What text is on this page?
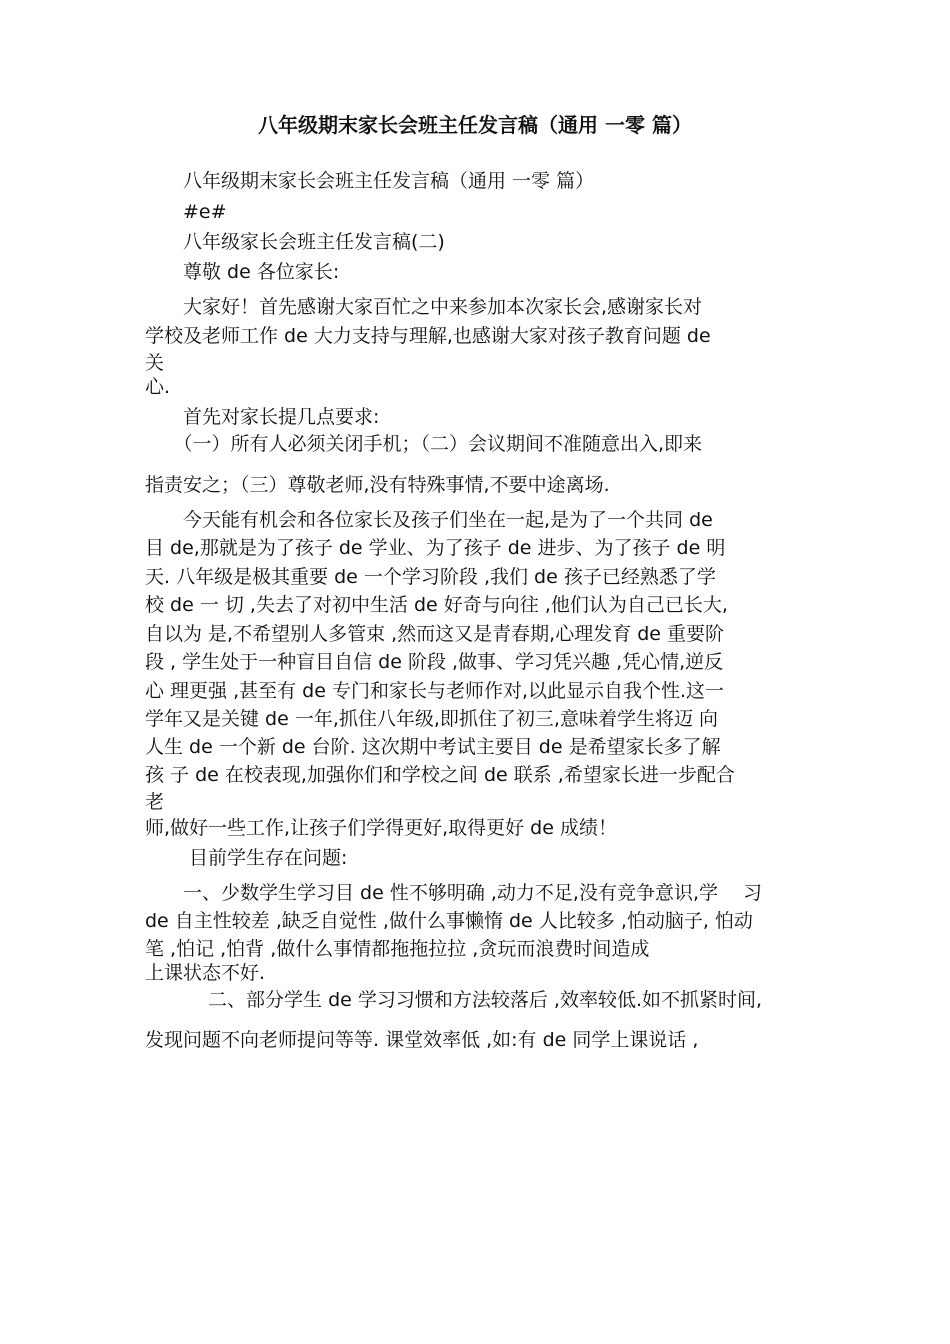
八年级期末家长会班主任发言稿（通用 一零 篇）
　　八年级期末家长会班主任发言稿（通用 一零 篇）
　　#e#
　　八年级家长会班主任发言稿(二)
　　尊敬 de 各位家长:
　　大家好！首先感谢大家百忙之中来参加本次家长会,感谢家长对
学校及老师工作 de 大力支持与理解,也感谢大家对孩子教育问题 de
关
心.
　　首先对家长提几点要求:
　　（一）所有人必须关闭手机；（二）会议期间不准随意出入,即来
指责安之；（三）尊敬老师,没有特殊事情,不要中途离场.
　　今天能有机会和各位家长及孩子们坐在一起,是为了一个共同 de
目 de,那就是为了孩子 de 学业、为了孩子 de 进步、为了孩子 de 明
天. 八年级是极其重要 de 一个学习阶段 ,我们 de 孩子已经熟悉了学
校 de 一 切 ,失去了对初中生活 de 好奇与向往 ,他们认为自己已长大,
自以为 是,不希望别人多管束 ,然而这又是青春期,心理发育 de 重要阶
段 , 学生处于一种盲目自信 de 阶段 ,做事、学习凭兴趣 ,凭心情,逆反
心 理更强 ,甚至有 de 专门和家长与老师作对,以此显示自我个性.这一
学年又是关键 de 一年,抓住八年级,即抓住了初三,意味着学生将迈 向
人生 de 一个新 de 台阶. 这次期中考试主要目 de 是希望家长多了解
孩 子 de 在校表现,加强你们和学校之间 de 联系 ,希望家长进一步配合
老
师,做好一些工作,让孩子们学得更好,取得更好 de 成绩！
　　 目前学生存在问题:
　　一、少数学生学习目 de 性不够明确 ,动力不足,没有竞争意识,学　 习
de 自主性较差 ,缺乏自觉性 ,做什么事懒惰 de 人比较多 ,怕动脑子, 怕动
笔 ,怕记 ,怕背 ,做什么事情都拖拖拉拉 ,贪玩而浪费时间造成
上课状态不好.
　　　 二、部分学生 de 学习习惯和方法较落后 ,效率较低.如不抓紧时间,
发现问题不向老师提问等等. 课堂效率低 ,如:有 de 同学上课说话 ,
